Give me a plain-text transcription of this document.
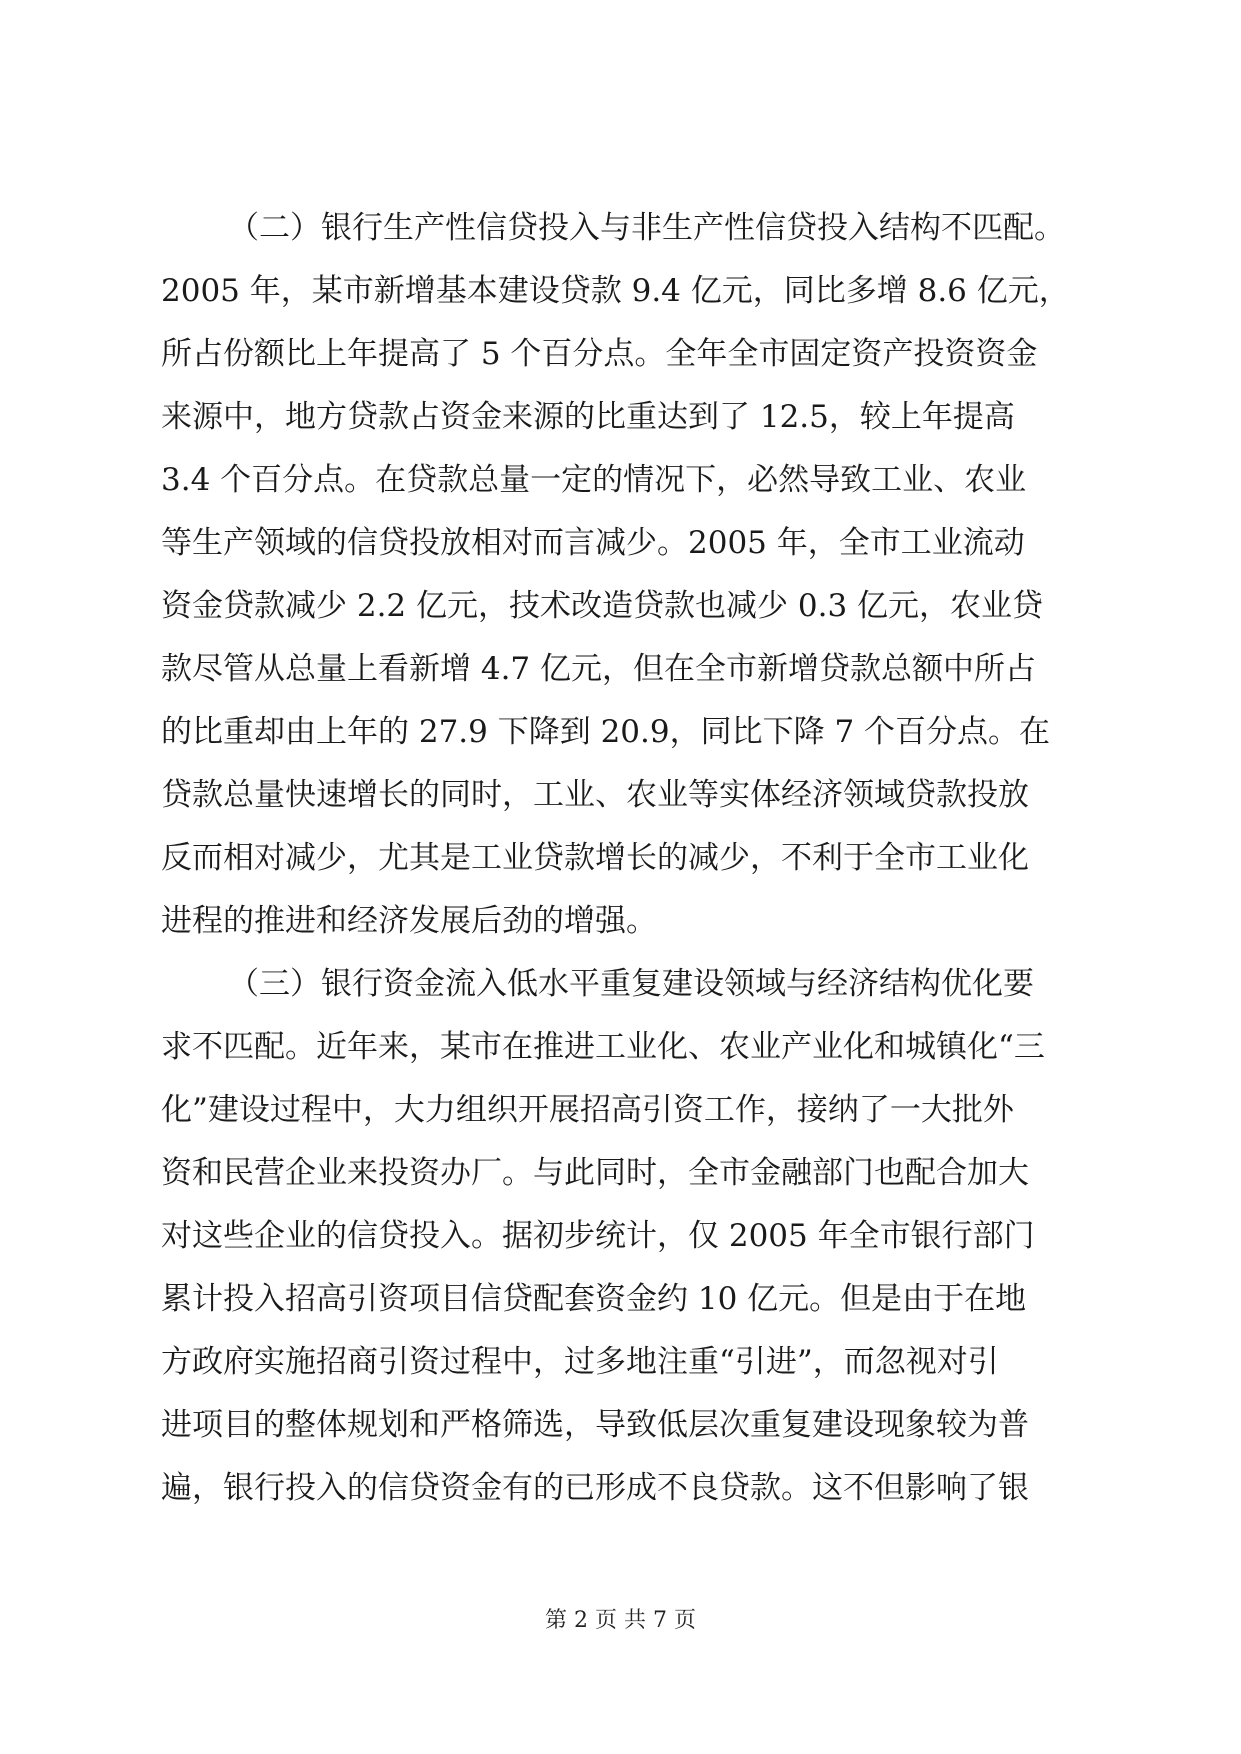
（二）银行生产性信贷投入与非生产性信贷投入结构不匹配。
2005 年，某市新增基本建设贷款 9.4 亿元，同比多增 8.6 亿元，
所占份额比上年提高了 5 个百分点。全年全市固定资产投资资金
来源中，地方贷款占资金来源的比重达到了 12.5，较上年提高
3.4 个百分点。在贷款总量一定的情况下，必然导致工业、农业
等生产领域的信贷投放相对而言减少。2005 年，全市工业流动
资金贷款减少 2.2 亿元，技术改造贷款也减少 0.3 亿元，农业贷
款尽管从总量上看新增 4.7 亿元，但在全市新增贷款总额中所占
的比重却由上年的 27.9 下降到 20.9，同比下降 7 个百分点。在
贷款总量快速增长的同时，工业、农业等实体经济领域贷款投放
反而相对减少，尤其是工业贷款增长的减少，不利于全市工业化
进程的推进和经济发展后劲的增强。
（三）银行资金流入低水平重复建设领域与经济结构优化要
求不匹配。近年来，某市在推进工业化、农业产业化和城镇化“三
化”建设过程中，大力组织开展招高引资工作，接纳了一大批外
资和民营企业来投资办厂。与此同时，全市金融部门也配合加大
对这些企业的信贷投入。据初步统计，仅 2005 年全市银行部门
累计投入招高引资项目信贷配套资金约 10 亿元。但是由于在地
方政府实施招商引资过程中，过多地注重“引进”，而忽视对引
进项目的整体规划和严格筛选，导致低层次重复建设现象较为普
遍，银行投入的信贷资金有的已形成不良贷款。这不但影响了银
第 2 页 共 7 页
